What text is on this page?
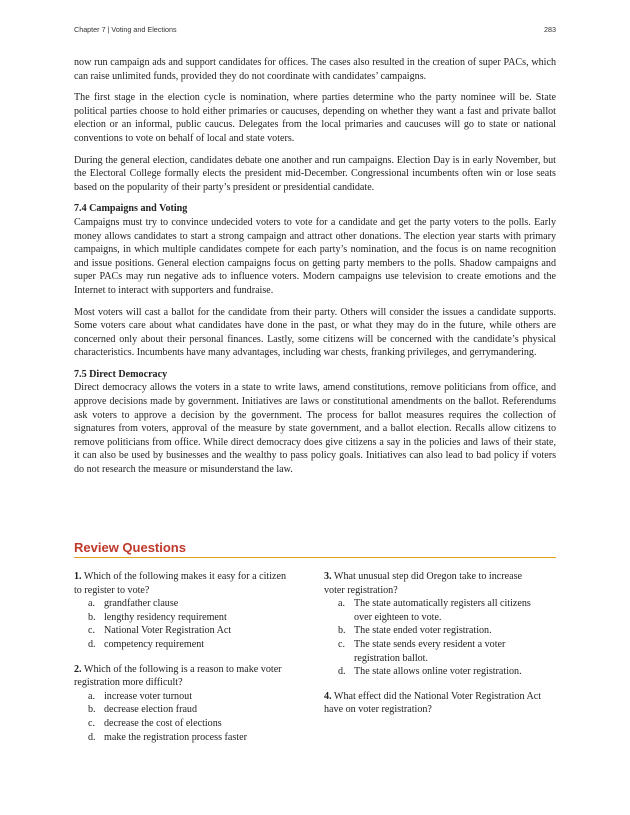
Chapter 7 | Voting and Elections	283

now run campaign ads and support candidates for offices. The cases also resulted in the creation of super PACs, which can raise unlimited funds, provided they do not coordinate with candidates’ campaigns.

The first stage in the election cycle is nomination, where parties determine who the party nominee will be. State political parties choose to hold either primaries or caucuses, depending on whether they want a fast and private ballot election or an informal, public caucus. Delegates from the local primaries and caucuses will go to state or national conventions to vote on behalf of local and state voters.

During the general election, candidates debate one another and run campaigns. Election Day is in early November, but the Electoral College formally elects the president mid-December. Congressional incumbents often win or lose seats based on the popularity of their party’s president or presidential candidate.

7.4 Campaigns and Voting

Campaigns must try to convince undecided voters to vote for a candidate and get the party voters to the polls. Early money allows candidates to start a strong campaign and attract other donations. The election year starts with primary campaigns, in which multiple candidates compete for each party’s nomination, and the focus is on name recognition and issue positions. General election campaigns focus on getting party members to the polls. Shadow campaigns and super PACs may run negative ads to influence voters. Modern campaigns use television to create emotions and the Internet to interact with supporters and fundraise.

Most voters will cast a ballot for the candidate from their party. Others will consider the issues a candidate supports. Some voters care about what candidates have done in the past, or what they may do in the future, while others are concerned only about their personal finances. Lastly, some citizens will be concerned with the candidate’s physical characteristics. Incumbents have many advantages, including war chests, franking privileges, and gerrymandering.

7.5 Direct Democracy

Direct democracy allows the voters in a state to write laws, amend constitutions, remove politicians from office, and approve decisions made by government. Initiatives are laws or constitutional amendments on the ballot. Referendums ask voters to approve a decision by the government. The process for ballot measures requires the collection of signatures from voters, approval of the measure by state government, and a ballot election. Recalls allow citizens to remove politicians from office. While direct democracy does give citizens a say in the policies and laws of their state, it can also be used by businesses and the wealthy to pass policy goals. Initiatives can also lead to bad policy if voters do not research the measure or misunderstand the law.

Review Questions
1. Which of the following makes it easy for a citizen to register to vote?
a. grandfather clause
b. lengthy residency requirement
c. National Voter Registration Act
d. competency requirement
2. Which of the following is a reason to make voter registration more difficult?
a. increase voter turnout
b. decrease election fraud
c. decrease the cost of elections
d. make the registration process faster
3. What unusual step did Oregon take to increase voter registration?
a. The state automatically registers all citizens over eighteen to vote.
b. The state ended voter registration.
c. The state sends every resident a voter registration ballot.
d. The state allows online voter registration.
4. What effect did the National Voter Registration Act have on voter registration?
